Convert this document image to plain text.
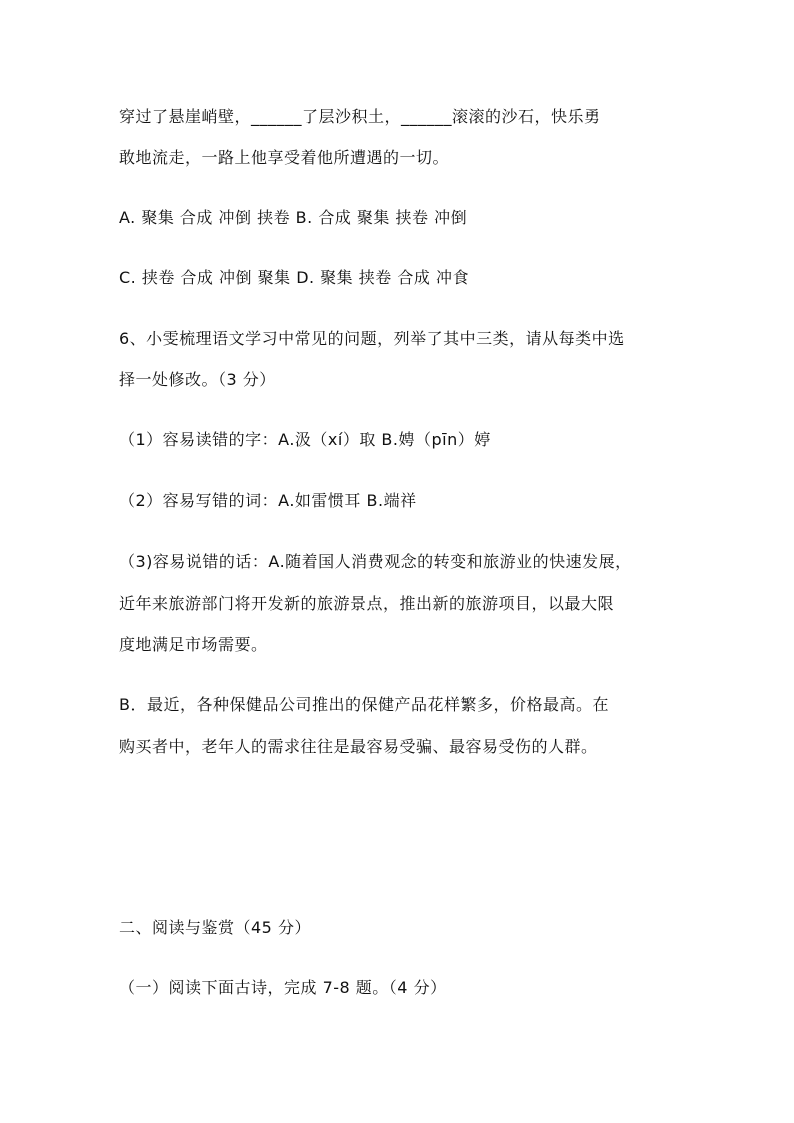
穿过了悬崖峭壁，______了层沙积土，______滚滚的沙石，快乐勇
敢地流走，一路上他享受着他所遭遇的一切。
A. 聚集 合成 冲倒 挟卷 B. 合成 聚集 挟卷 冲倒
C. 挟卷 合成 冲倒 聚集 D. 聚集 挟卷 合成 冲食
6、小雯梳理语文学习中常见的问题，列举了其中三类，请从每类中选
择一处修改。（3 分）
（1）容易读错的字：A.汲（xí）取 B.娉（pīn）婷
（2）容易写错的词：A.如雷惯耳 B.端祥
（3)容易说错的话：A.随着国人消费观念的转变和旅游业的快速发展，
近年来旅游部门将开发新的旅游景点，推出新的旅游项目，以最大限
度地满足市场需要。
B．最近，各种保健品公司推出的保健产品花样繁多，价格最高。在
购买者中，老年人的需求往往是最容易受骗、最容易受伤的人群。
二、阅读与鉴赏（45 分）
（一）阅读下面古诗，完成 7-8 题。（4 分）
